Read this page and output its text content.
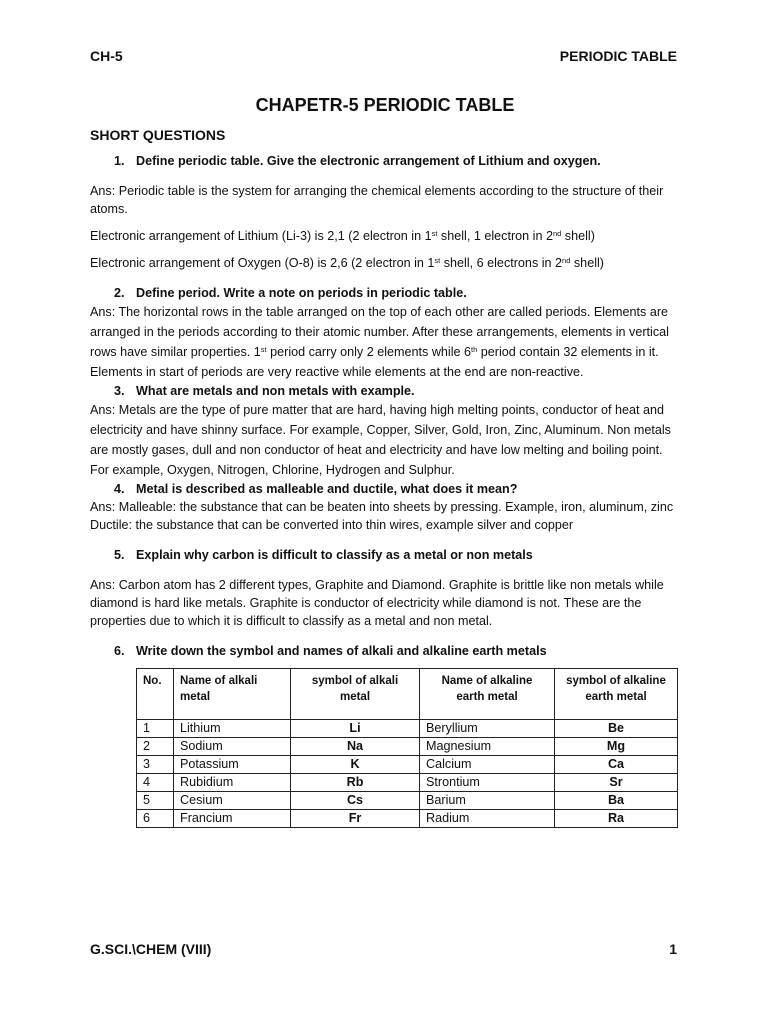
CH-5	PERIODIC TABLE
CHAPETR-5 PERIODIC TABLE
SHORT QUESTIONS
1. Define periodic table. Give the electronic arrangement of Lithium and oxygen.

Ans: Periodic table is the system for arranging the chemical elements according to the structure of their atoms.

Electronic arrangement of Lithium (Li-3) is 2,1 (2 electron in 1st shell, 1 electron in 2nd shell)

Electronic arrangement of Oxygen (O-8) is 2,6 (2 electron in 1st shell, 6 electrons in 2nd shell)

2. Define period. Write a note on periods in periodic table.

Ans: The horizontal rows in the table arranged on the top of each other are called periods. Elements are arranged in the periods according to their atomic number. After these arrangements, elements in vertical rows have similar properties. 1st period carry only 2 elements while 6th period contain 32 elements in it. Elements in start of periods are very reactive while elements at the end are non-reactive.

3. What are metals and non metals with example.

Ans: Metals are the type of pure matter that are hard, having high melting points, conductor of heat and electricity and have shinny surface. For example, Copper, Silver, Gold, Iron, Zinc, Aluminum. Non metals are mostly gases, dull and non conductor of heat and electricity and have low melting and boiling point. For example, Oxygen, Nitrogen, Chlorine, Hydrogen and Sulphur.

4. Metal is described as malleable and ductile, what does it mean?

Ans: Malleable: the substance that can be beaten into sheets by pressing. Example, iron, aluminum, zinc

Ductile: the substance that can be converted into thin wires, example silver and copper

5. Explain why carbon is difficult to classify as a metal or non metals

Ans: Carbon atom has 2 different types, Graphite and Diamond. Graphite is brittle like non metals while diamond is hard like metals. Graphite is conductor of electricity while diamond is not. These are the properties due to which it is difficult to classify as a metal and non metal.

6. Write down the symbol and names of alkali and alkaline earth metals
No.	Name of alkali metal	symbol of alkali metal	Name of alkaline earth metal	symbol of alkaline earth metal
1	Lithium	Li	Beryllium	Be
2	Sodium	Na	Magnesium	Mg
3	Potassium	K	Calcium	Ca
4	Rubidium	Rb	Strontium	Sr
5	Cesium	Cs	Barium	Ba
6	Francium	Fr	Radium	Ra
G.SCI.\CHEM (VIII)	1
